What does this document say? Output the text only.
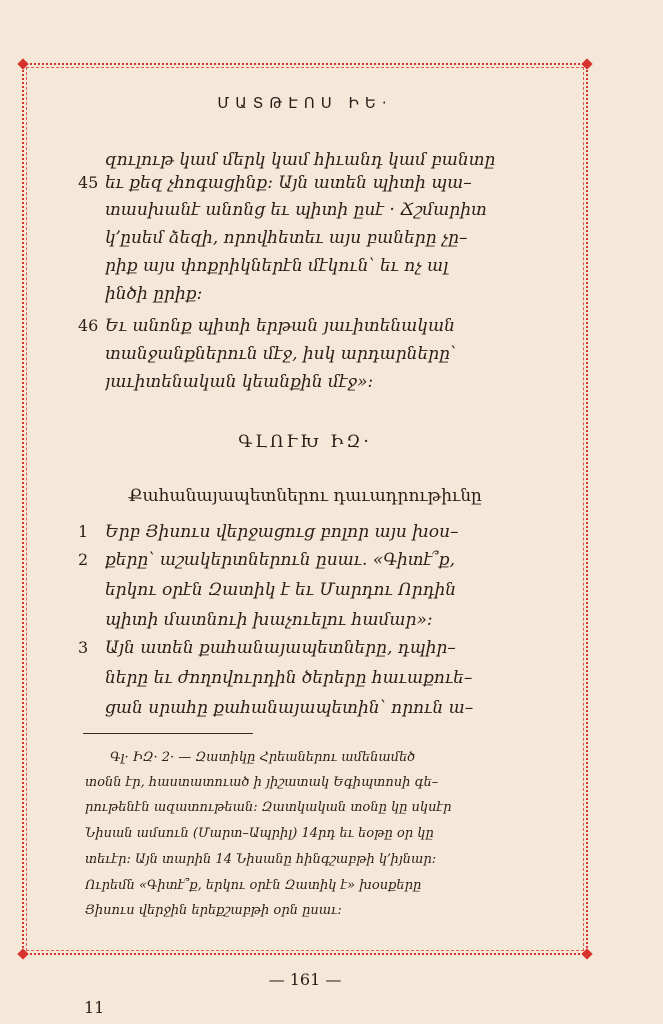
ՄԱՏԹԷՈՍ ԻԵ·
զուլութ կամ մերկ կամ հիւանդ կամ բանտը
45 եւ քեզ չհոգացինք: Այն ատեն պիտի պա–
տասխանէ անոնց եւ պիտի ըսէ · Ճշմարիտ
կ՚ըսեմ ձեզի, որովհետեւ այս բաները չը–
րիք այս փոքրիկներէն մէկուն՝ եւ ոչ ալ
ինծի ըրիք:
46 Եւ անոնք պիտի երթան յաւիտենական
տանջանքներուն մէջ, իսկ արդարները՝
յաւիտենական կեանքին մէջ»:
ԳԼՈՒԽ ԻԶ·
Քահանայապետներու դաւադրութիւնը
1 Երբ Յիսուս վերջացուց բոլոր այս խօս–
2 քերը՝ աշակերտներուն ըսաւ. «Գիտէ՞ք,
երկու օրէն Զատիկ է եւ Մարդու Որդին
պիտի մատնուի խաչուելու համար»:
3 Այն ատեն քահանայապետները, դպիր–
ները եւ ժողովուրդին ծերերը հաւաքուե–
ցան սրահը քահանայապետին՝ որուն ա–
Գլ· ԻԶ· 2· — Զատիկը Հրեաներու ամենամեծ
տօնն էր, հաստատուած ի յիշատակ Եգիպտոսի գե–
րութենէն ազատութեան: Զատկական տօնը կը սկսէր
Նիսան ամսուն (Մարտ–Ապրիլ) 14րդ եւ եօթը օր կը
տեւէր: Այն տարին 14 Նիսանը հինգշաբթի կ՚իյնար:
Ուրեմն «Գիտէ՞ք, երկու օրէն Զատիկ է» խօսքերը
Յիսուս վերջին երեքշաբթի օրն ըսաւ:
— 161 —
11
